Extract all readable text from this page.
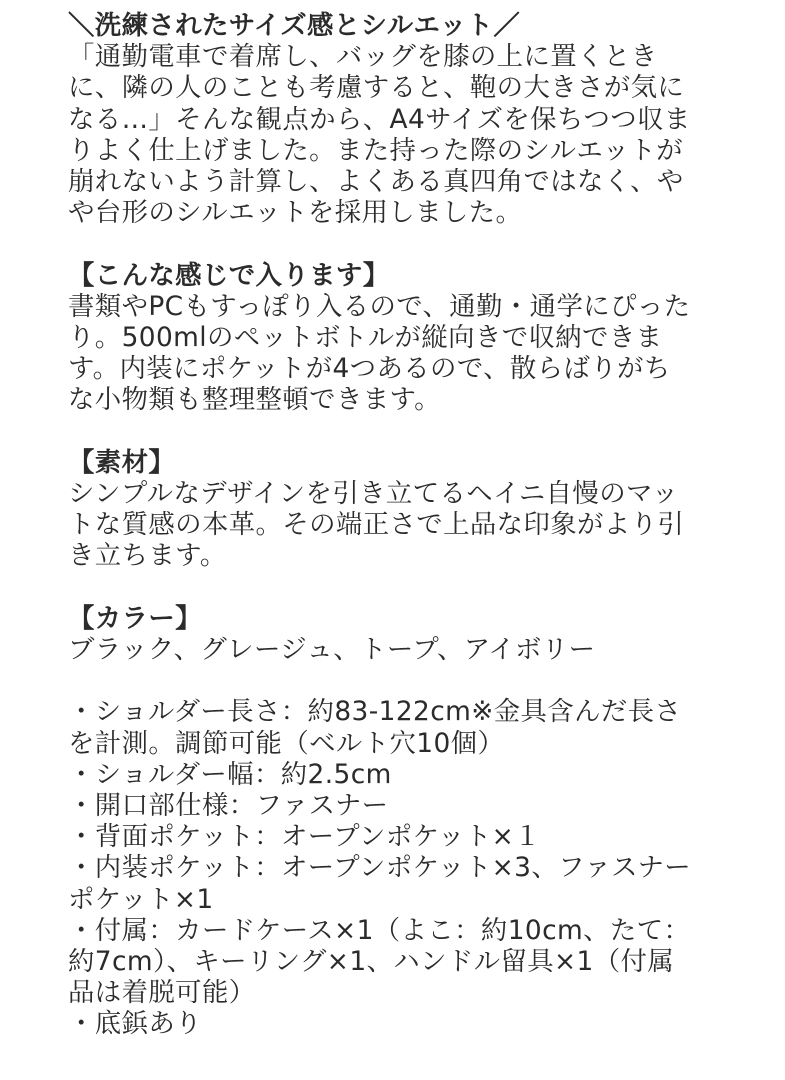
＼洗練されたサイズ感とシルエット／

「通勤電車で着席し、バッグを膝の上に置くとき

に、隣の人のことも考慮すると、鞄の大きさが気に

なる…」そんな観点から、A4サイズを保ちつつ収ま

りよく仕上げました。また持った際のシルエットが

崩れないよう計算し、よくある真四角ではなく、や

や台形のシルエットを採用しました。

【こんな感じで入ります】

書類やPCもすっぽり入るので、通勤・通学にぴった

り。500mlのペットボトルが縦向きで収納できま

す。内装にポケットが4つあるので、散らばりがち

な小物類も整理整頓できます。

【素材】

シンプルなデザインを引き立てるヘイニ自慢のマッ

トな質感の本革。その端正さで上品な印象がより引

き立ちます。

【カラー】

ブラック、グレージュ、トープ、アイボリー

・ショルダー長さ：約83-122cm※金具含んだ長さ

を計測。調節可能（ベルト穴10個）

・ショルダー幅：約2.5cm

・開口部仕様：ファスナー

・背面ポケット：オープンポケット×１

・内装ポケット：オープンポケット×3、ファスナー

ポケット×1

・付属：カードケース×1（よこ：約10cm、たて：

約7cm）、キーリング×1、ハンドル留具×1（付属

品は着脱可能）

・底鋲あり
